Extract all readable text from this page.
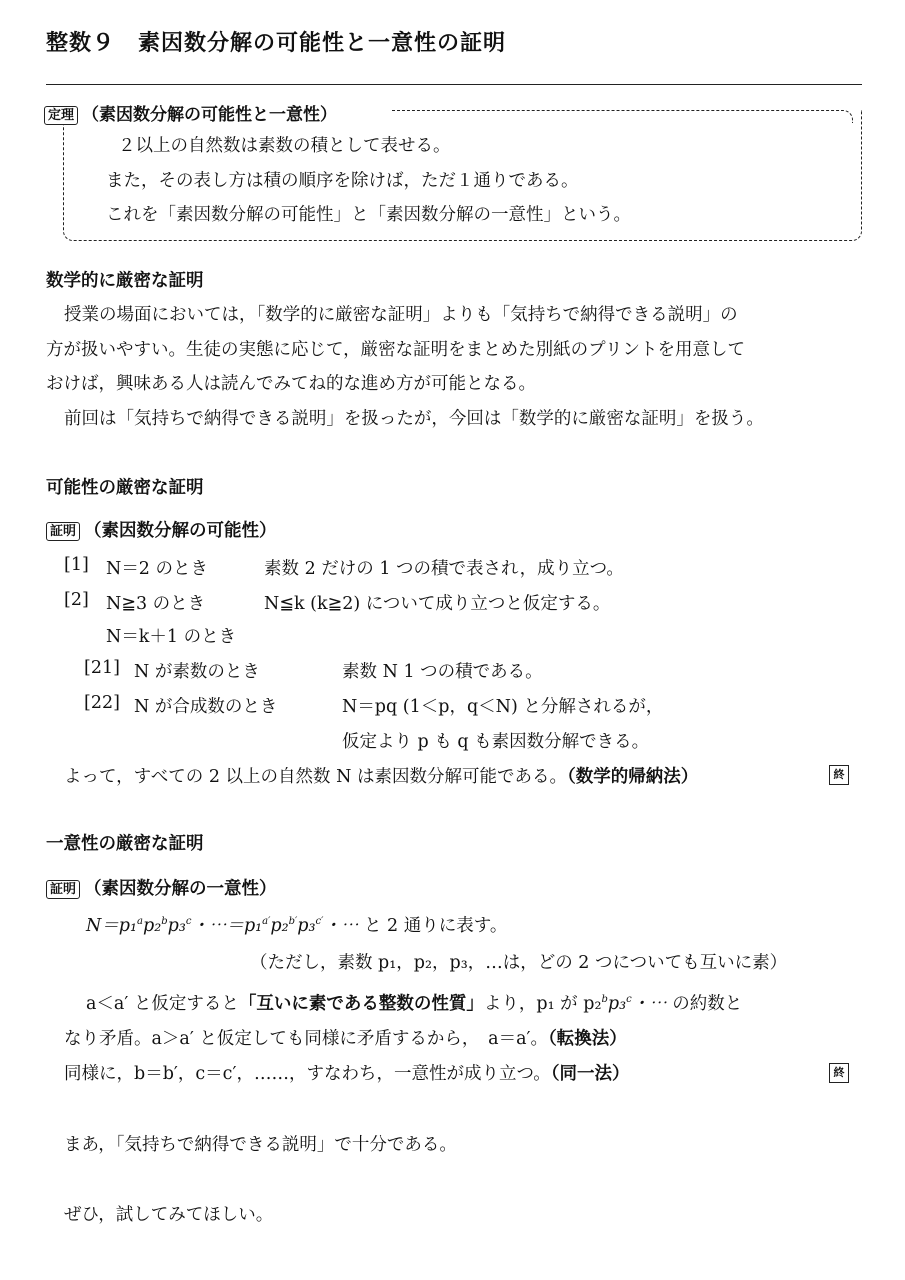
整数９　素因数分解の可能性と一意性の証明
定理 （素因数分解の可能性と一意性）
２以上の自然数は素数の積として表せる。
また，その表し方は積の順序を除けば，ただ１通りである。
これを「素因数分解の可能性」と「素因数分解の一意性」という。
数学的に厳密な証明
授業の場面においては，「数学的に厳密な証明」よりも「気持ちで納得できる説明」の
方が扱いやすい。生徒の実態に応じて，厳密な証明をまとめた別紙のプリントを用意して
おけば，興味ある人は読んでみてね的な進め方が可能となる。
前回は「気持ちで納得できる説明」を扱ったが，今回は「数学的に厳密な証明」を扱う。
可能性の厳密な証明
証明 （素因数分解の可能性）
[1] N＝2 のとき	素数 2 だけの 1 つの積で表され，成り立つ。
[2] N≧3 のとき	N≦k (k≧2) について成り立つと仮定する。
N＝k＋1 のとき
[21] N が素数のとき	素数 N 1 つの積である。
[22] N が合成数のとき	N＝pq (1＜p，q＜N) と分解されるが，
仮定より p も q も素因数分解できる。
よって，すべての 2 以上の自然数 N は素因数分解可能である。（数学的帰納法）	終
一意性の厳密な証明
証明 （素因数分解の一意性）
N＝p₁$^a$p₂$^b$p₃$^c$・⋯＝p₁$^{a'}$p₂$^{b'}$p₃$^{c'}$・⋯ と 2 通りに表す。
（ただし，素数 p₁，p₂，p₃，…は，どの 2 つについても互いに素）
a＜a′ と仮定すると「互いに素である整数の性質」より，p₁ が p₂$^b$p₃$^c$・⋯ の約数と
なり矛盾。a＞a′ と仮定しても同様に矛盾するから，　a＝a′。（転換法）
同様に，b＝b′，c＝c′，……，すなわち，一意性が成り立つ。（同一法）	終
まあ，「気持ちで納得できる説明」で十分である。
ぜひ，試してみてほしい。
